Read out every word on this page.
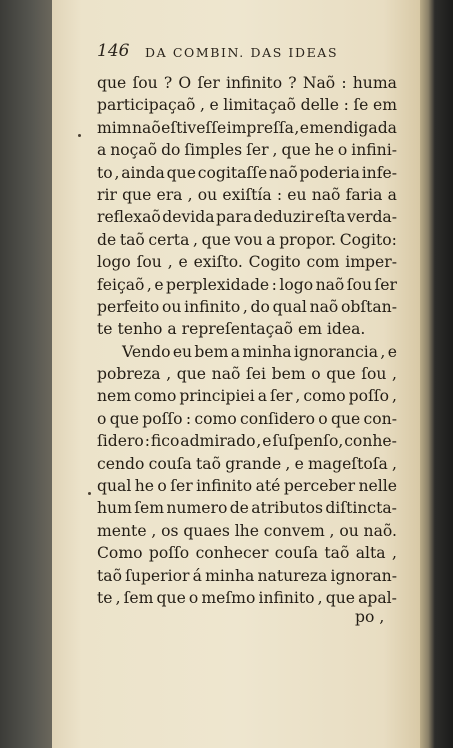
146 DA COMBIN. DAS IDEAS
que ſou ? O ſer infinito ? Naõ : huma
participaçaõ , e limitaçaõ delle : ſe em
mim naõ eſtiveſſe impreſſa , e mendigada
a noçaõ do ſimples ſer , que he o infini-
to , ainda que cogitaſſe naõ poderia infe-
rir que era , ou exiſtía : eu naõ faria a
reflexaõ devida para deduzir eſta verda-
de taõ certa , que vou a propor. Cogito:
logo ſou , e exiſto. Cogito com imper-
feiçaõ , e perplexidade : logo naõ ſou ſer
perfeito ou infinito , do qual naõ obſtan-
te tenho a repreſentaçaõ em idea.
Vendo eu bem a minha ignorancia , e
pobreza , que naõ ſei bem o que ſou ,
nem como principiei a ſer , como poſſo ,
o que poſſo : como conſidero o que con-
ſidero : fico admirado , e ſuſpenſo, conhe-
cendo couſa taõ grande , e mageſtoſa ,
qual he o ſer infinito até perceber nelle
hum ſem numero de atributos diſtincta-
mente , os quaes lhe convem , ou naõ.
Como poſſo conhecer couſa taõ alta ,
taõ ſuperior á minha natureza ignoran-
te , ſem que o meſmo infinito , que apal-
po ,
